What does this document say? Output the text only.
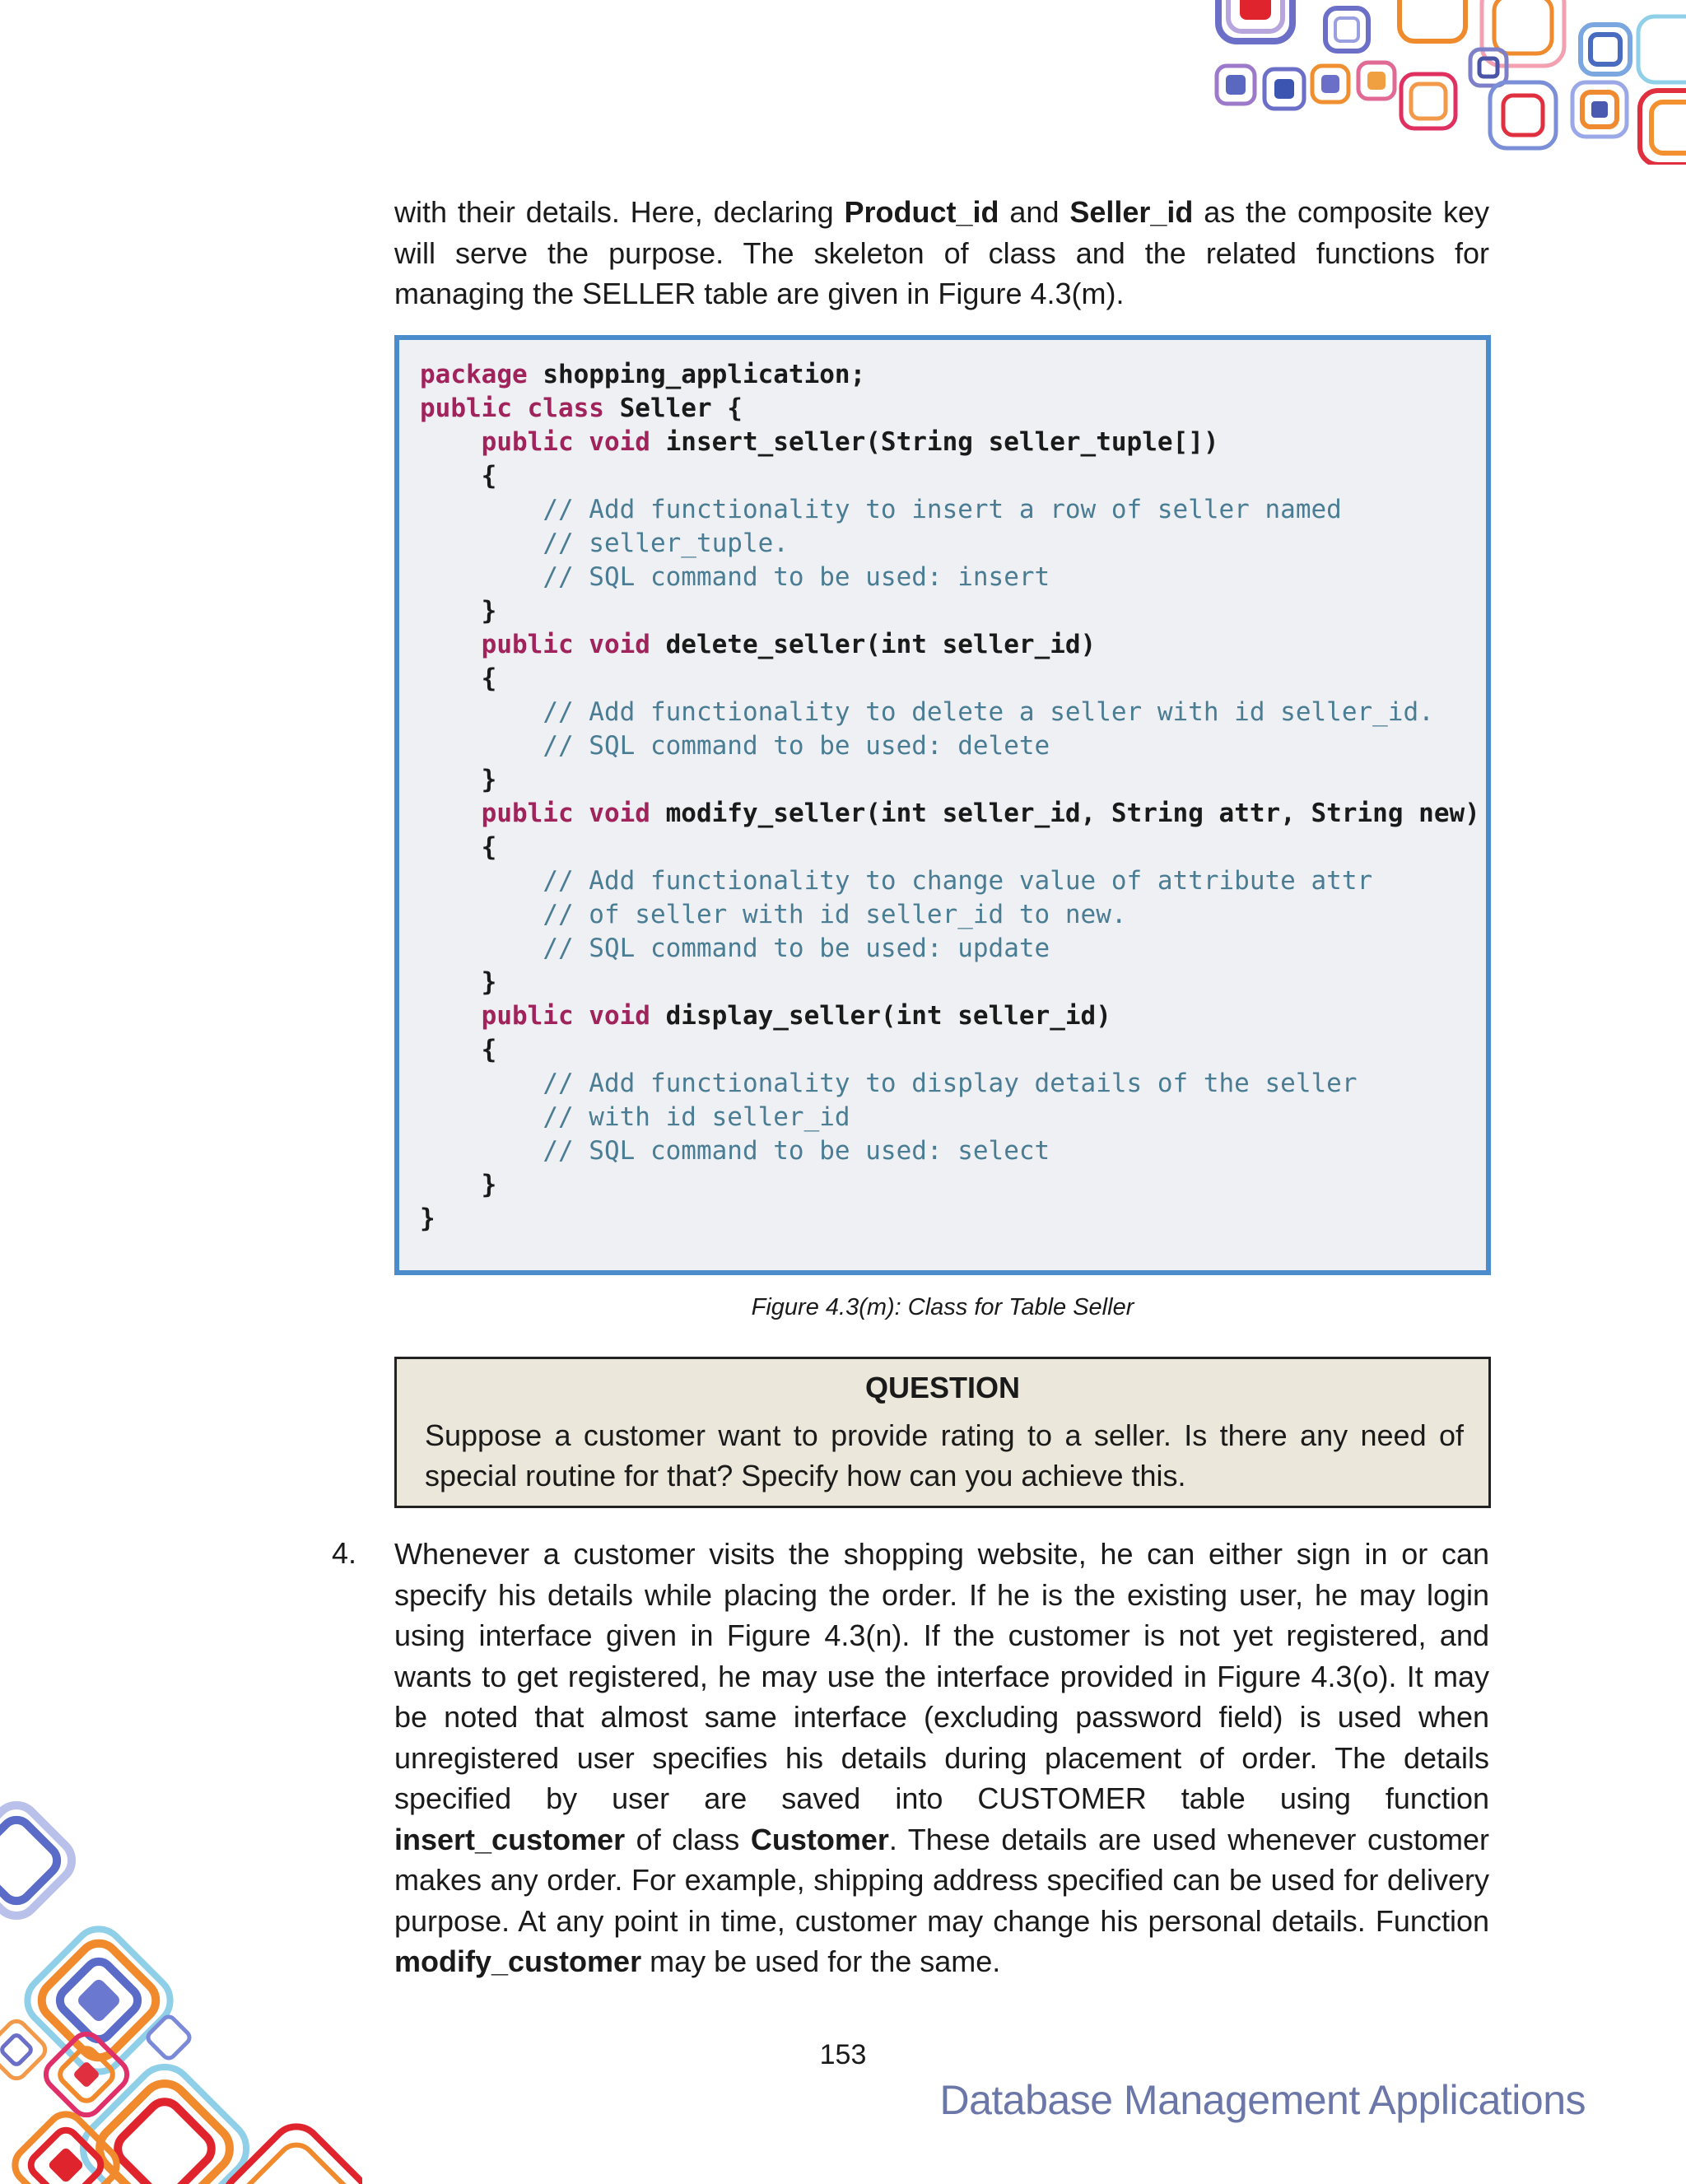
with their details. Here, declaring Product_id and Seller_id as the composite key will serve the purpose. The skeleton of class and the related functions for managing the SELLER table are given in Figure 4.3(m).

package shopping_application;
public class Seller {
public void insert_seller(String seller_tuple[])
{
// Add functionality to insert a row of seller named
// seller_tuple.
// SQL command to be used: insert
}
public void delete_seller(int seller_id)
{
// Add functionality to delete a seller with id seller_id.
// SQL command to be used: delete
}
public void modify_seller(int seller_id, String attr, String new)
{
// Add functionality to change value of attribute attr
// of seller with id seller_id to new.
// SQL command to be used: update
}
public void display_seller(int seller_id)
{
// Add functionality to display details of the seller
// with id seller_id
// SQL command to be used: select
}
}
Figure 4.3(m): Class for Table Seller
QUESTION
Suppose a customer want to provide rating to a seller. Is there any need of special routine for that? Specify how can you achieve this.
4. Whenever a customer visits the shopping website, he can either sign in or can specify his details while placing the order. If he is the existing user, he may login using interface given in Figure 4.3(n). If the customer is not yet registered, and wants to get registered, he may use the interface provided in Figure 4.3(o). It may be noted that almost same interface (excluding password field) is used when unregistered user specifies his details during placement of order. The details specified by user are saved into CUSTOMER table using function insert_customer of class Customer. These details are used whenever customer makes any order. For example, shipping address specified can be used for delivery purpose. At any point in time, customer may change his personal details. Function modify_customer may be used for the same.

153
Database Management Applications
